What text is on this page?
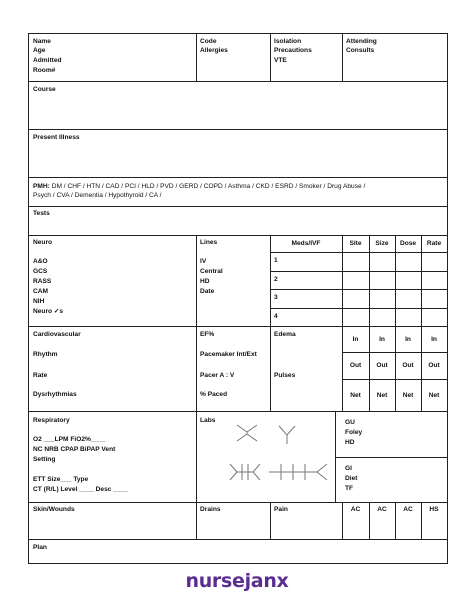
Name
Age
Admitted
Room#
Code
Allergies
Isolation
Precautions
VTE
Attending
Consults
Course
Present Illness
PMH: DM / CHF / HTN / CAD / PCI / HLD / PVD / GERD / COPD / Asthma / CKD / ESRD / Smoker / Drug Abuse /
Psych / CVA / Dementia / Hypothyroid / CA /
Tests
Neuro
A&O
GCS
RASS
CAM
NIH
Neuro ✓s
Lines
IV
Central
HD
Date
Meds/IVF	Site	Size	Dose	Rate
1
2
3
4
Cardiovascular
Rhythm
Rate
Dysrhythmias
EF%
Pacemaker Int/Ext
Pacer A : V
% Paced
Edema
Pulses
In	In	In	In
Out	Out	Out	Out
Net	Net	Net	Net
Respiratory
O2 ___LPM FiO2%____
NC NRB CPAP BiPAP Vent
Setting
ETT Size___ Type
CT (R/L) Level ____ Desc ____
Labs	GU
Foley
HD
GI
Diet
TF
Skin/Wounds	Drains	Pain	AC	AC	AC	HS
Plan
nursejanx
